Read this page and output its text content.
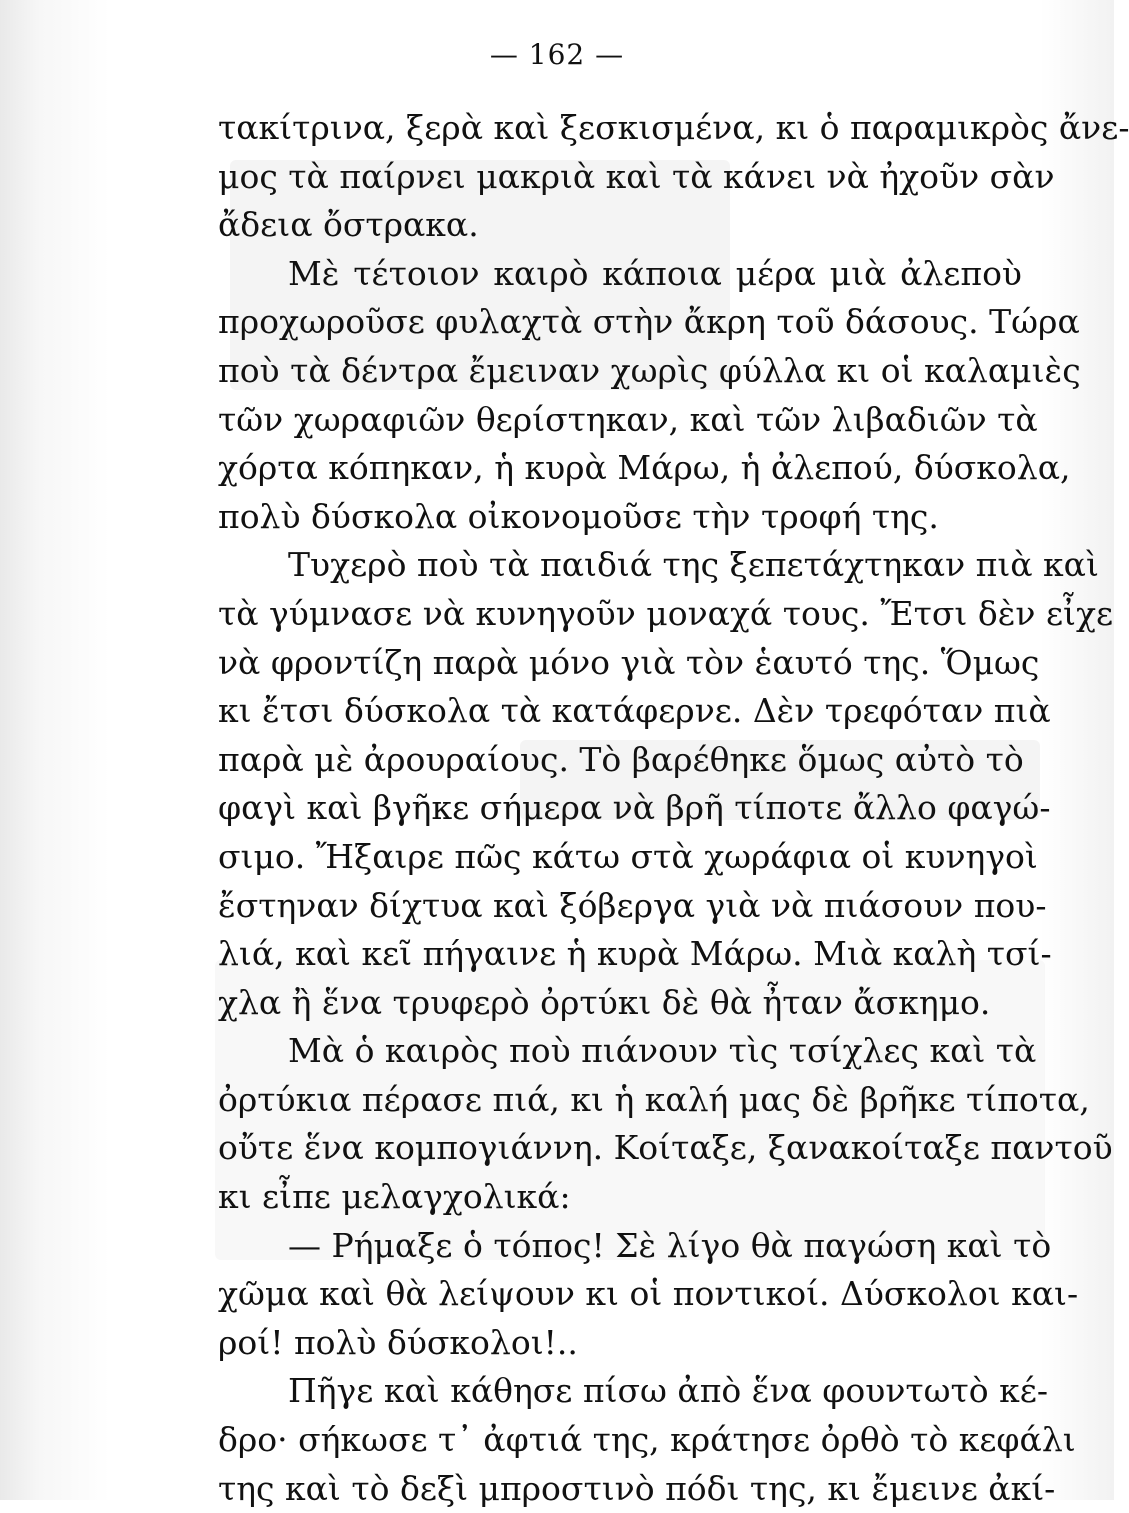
— 162 —
τακίτρινα, ξερὰ καὶ ξεσκισμένα, κι ὁ παραμικρὸς ἄνε-
μος τὰ παίρνει μακριὰ καὶ τὰ κάνει νὰ ἠχοῦν σὰν
ἄδεια ὄστρακα.
Μὲ τέτοιον καιρὸ κάποια μέρα μιὰ ἀλεποὺ
προχωροῦσε φυλαχτὰ στὴν ἄκρη τοῦ δάσους. Τώρα
ποὺ τὰ δέντρα ἔμειναν χωρὶς φύλλα κι οἱ καλαμιὲς
τῶν χωραφιῶν θερίστηκαν, καὶ τῶν λιβαδιῶν τὰ
χόρτα κόπηκαν, ἡ κυρὰ Μάρω, ἡ ἀλεπού, δύσκολα,
πολὺ δύσκολα οἰκονομοῦσε τὴν τροφή της.
Τυχερὸ ποὺ τὰ παιδιά της ξεπετάχτηκαν πιὰ καὶ
τὰ γύμνασε νὰ κυνηγοῦν μοναχά τους. Ἔτσι δὲν εἶχε
νὰ φροντίζη παρὰ μόνο γιὰ τὸν ἑαυτό της. Ὅμως
κι ἔτσι δύσκολα τὰ κατάφερνε. Δὲν τρεφόταν πιὰ
παρὰ μὲ ἀρουραίους. Τὸ βαρέθηκε ὅμως αὐτὸ τὸ
φαγὶ καὶ βγῆκε σήμερα νὰ βρῆ τίποτε ἄλλο φαγώ-
σιμο. Ἤξαιρε πῶς κάτω στὰ χωράφια οἱ κυνηγοὶ
ἔστηναν δίχτυα καὶ ξόβεργα γιὰ νὰ πιάσουν που-
λιά, καὶ κεῖ πήγαινε ἡ κυρὰ Μάρω. Μιὰ καλὴ τσί-
χλα ἢ ἕνα τρυφερὸ ὀρτύκι δὲ θὰ ἦταν ἄσκημο.
Μὰ ὁ καιρὸς ποὺ πιάνουν τὶς τσίχλες καὶ τὰ
ὀρτύκια πέρασε πιά, κι ἡ καλή μας δὲ βρῆκε τίποτα,
οὔτε ἕνα κομπογιάννη. Κοίταξε, ξανακοίταξε παντοῦ
κι εἶπε μελαγχολικά:
— Ρήμαξε ὁ τόπος! Σὲ λίγο θὰ παγώση καὶ τὸ
χῶμα καὶ θὰ λείψουν κι οἱ ποντικοί. Δύσκολοι και-
ροί! πολὺ δύσκολοι!..
Πῆγε καὶ κάθησε πίσω ἀπὸ ἕνα φουντωτὸ κέ-
δρο· σήκωσε τ᾽ ἀφτιά της, κράτησε ὀρθὸ τὸ κεφάλι
της καὶ τὸ δεξὶ μπροστινὸ πόδι της, κι ἔμεινε ἀκί-
